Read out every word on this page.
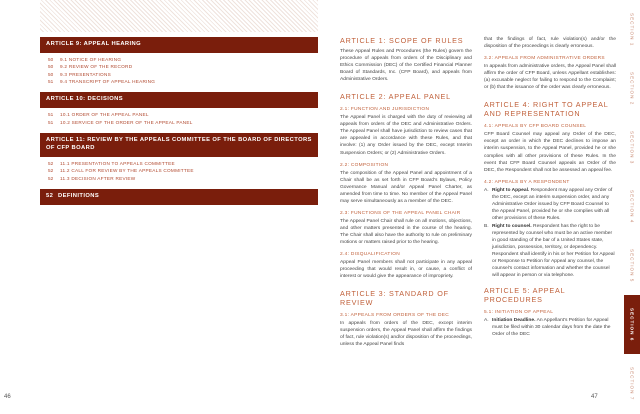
ARTICLE 9: APPEAL HEARING
50 9.1 NOTICE OF HEARING
50 9.2 REVIEW OF THE RECORD
50 9.3 PRESENTATIONS
51 9.4 TRANSCRIPT OF APPEAL HEARING
ARTICLE 10: DECISIONS
51 10.1 ORDER OF THE APPEAL PANEL
51 10.2 SERVICE OF THE ORDER OF THE APPEAL PANEL
ARTICLE 11: REVIEW BY THE APPEALS COMMITTEE OF THE BOARD OF DIRECTORS OF CFP BOARD
52 11.1 PRESENTATION TO APPEALS COMMITTEE
52 11.2 CALL FOR REVIEW BY THE APPEALS COMMITTEE
52 11.3 DECISION AFTER REVIEW
52 DEFINITIONS
46
ARTICLE 1: SCOPE OF RULES

These Appeal Rules and Procedures (the Rules) govern the procedure of appeals from orders of the Disciplinary and Ethics Commission (DEC) of the Certified Financial Planner Board of Standards, Inc. (CFP Board), and appeals from Administrative Orders.

ARTICLE 2: APPEAL PANEL
2.1: FUNCTION AND JURISDICTION

The Appeal Panel is charged with the duty of reviewing all appeals from orders of the DEC and Administrative Orders. The Appeal Panel shall have jurisdiction to review cases that are appealed in accordance with these Rules, and that involve: (1) any Order issued by the DEC, except Interim Suspension Orders; or (2) Administrative Orders.

2.2: COMPOSITION

The composition of the Appeal Panel and appointment of a Chair shall be as set forth in CFP Board's Bylaws, Policy Governance Manual and/or Appeal Panel Charter, as amended from time to time. No member of the Appeal Panel may serve simultaneously as a member of the DEC.

2.3: FUNCTIONS OF THE APPEAL PANEL CHAIR

The Appeal Panel Chair shall rule on all motions, objections, and other matters presented in the course of the hearing. The Chair shall also have the authority to rule on preliminary motions or matters raised prior to the hearing.

2.4: DISQUALIFICATION

Appeal Panel members shall not participate in any appeal proceeding that would result in, or cause, a conflict of interest or would give the appearance of impropriety.

ARTICLE 3: STANDARD OF REVIEW
3.1: APPEALS FROM ORDERS OF THE DEC

In appeals from orders of the DEC, except interim suspension orders, the Appeal Panel shall affirm the findings of fact, rule violation(s) and/or disposition of the proceedings, unless the Appeal Panel finds

that the findings of fact, rule violation(s) and/or the disposition of the proceedings is clearly erroneous.

3.2: APPEALS FROM ADMINISTRATIVE ORDERS

In appeals from administrative orders, the Appeal Panel shall affirm the order of CFP Board, unless Appellant establishes: (a) excusable neglect for failing to respond to the Complaint; or (b) that the issuance of the order was clearly erroneous.

ARTICLE 4: RIGHT TO APPEAL AND REPRESENTATION
4.1: APPEALS BY CFP BOARD COUNSEL

CFP Board Counsel may appeal any Order of the DEC, except an order in which the DEC declines to impose an interim suspension, to the Appeal Panel, provided he or she complies with all other provisions of these Rules. In the event that CFP Board Counsel appeals an Order of the DEC, the Respondent shall not be assessed an appeal fee.

4.2: APPEALS BY A RESPONDENT
A. Right to Appeal. Respondent may appeal any Order of the DEC, except an interim suspension order, and any Administrative Order issued by CFP Board Counsel to the Appeal Panel, provided he or she complies with all other provisions of these Rules.
B. Right to counsel. Respondent has the right to be represented by counsel who must be an active member in good standing of the bar of a United States state, jurisdiction, possession, territory, or dependency. Respondent shall identify in his or her Petition for Appeal or Response to Petition for Appeal any counsel, the counsel's contact information and whether the counsel will appear in person or via telephone.
ARTICLE 5: APPEAL PROCEDURES
5.1: INITIATION OF APPEAL
A. Initiation Deadline. An Appellant's Petition for Appeal must be filed within 30 calendar days from the date the Order of the DEC
47
SECTION 1
SECTION 2
SECTION 3
SECTION 4
SECTION 5
SECTION 6
SECTION 7
